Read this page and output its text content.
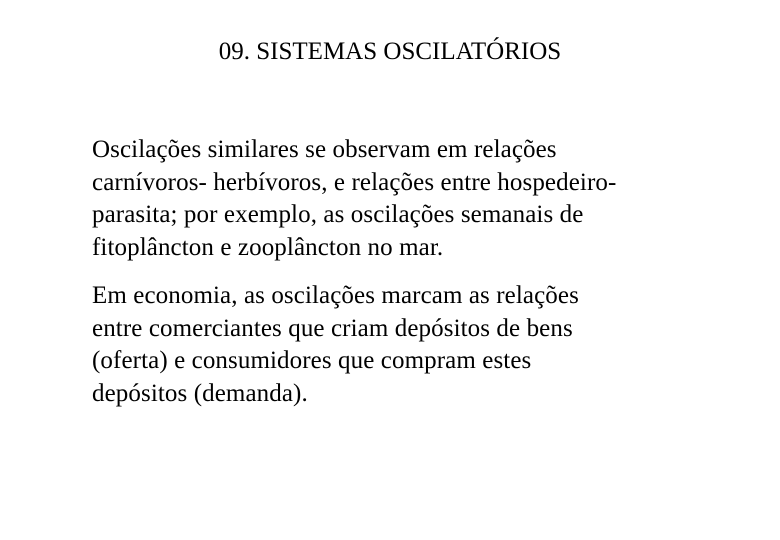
09. SISTEMAS OSCILATÓRIOS

Oscilações similares se observam em relações
carnívoros- herbívoros, e relações entre hospedeiro-
parasita; por exemplo, as oscilações semanais de
fitoplâncton e zooplâncton no mar.

Em economia, as oscilações marcam as relações
entre comerciantes que criam depósitos de bens
(oferta) e consumidores que compram estes
depósitos (demanda).
